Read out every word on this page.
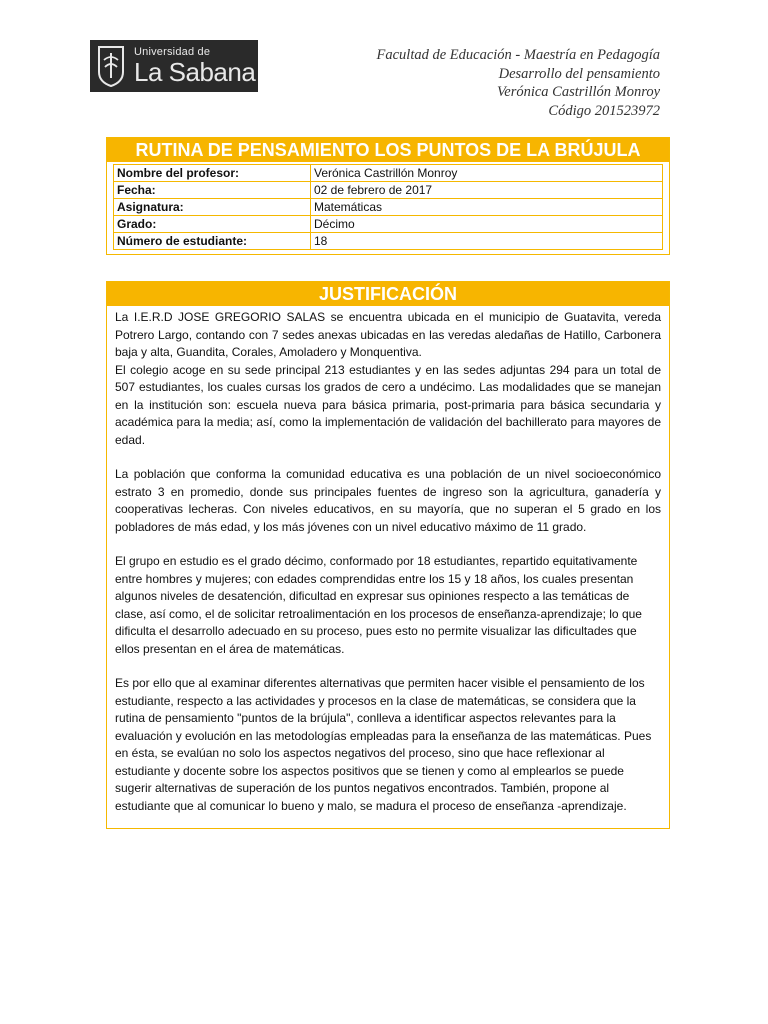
Universidad de
La Sabana
Facultad de Educación - Maestría en Pedagogía
Desarrollo del pensamiento
Verónica Castrillón Monroy
Código 201523972
RUTINA DE PENSAMIENTO LOS PUNTOS DE LA BRÚJULA
Nombre del profesor:	Verónica Castrillón Monroy
Fecha:	02 de febrero de 2017
Asignatura:	Matemáticas
Grado:	Décimo
Número de estudiante:	18
JUSTIFICACIÓN

La I.E.R.D JOSE GREGORIO SALAS se encuentra ubicada en el municipio de Guatavita, vereda Potrero Largo, contando con 7 sedes anexas ubicadas en las veredas aledañas de Hatillo, Carbonera baja y alta, Guandita, Corales, Amoladero y Monquentiva.

El colegio acoge en su sede principal 213 estudiantes y en las sedes adjuntas 294 para un total de 507 estudiantes, los cuales cursas los grados de cero a undécimo. Las modalidades que se manejan en la institución son: escuela nueva para básica primaria, post-primaria para básica secundaria y académica para la media; así, como la implementación de validación del bachillerato para mayores de edad.

La población que conforma la comunidad educativa es una población de un nivel socioeconómico estrato 3 en promedio, donde sus principales fuentes de ingreso son la agricultura, ganadería y cooperativas lecheras. Con niveles educativos, en su mayoría, que no superan el 5 grado en los pobladores de más edad, y los más jóvenes con un nivel educativo máximo de 11 grado.

El grupo en estudio es el grado décimo, conformado por 18 estudiantes, repartido equitativamente entre hombres y mujeres; con edades comprendidas entre los 15 y 18 años, los cuales presentan algunos niveles de desatención, dificultad en expresar sus opiniones respecto a las temáticas de clase, así como, el de solicitar retroalimentación en los procesos de enseñanza-aprendizaje; lo que dificulta el desarrollo adecuado en su proceso, pues esto no permite visualizar las dificultades que ellos presentan en el área de matemáticas.

Es por ello que al examinar diferentes alternativas que permiten hacer visible el pensamiento de los estudiante, respecto a las actividades y procesos en la clase de matemáticas, se considera que la rutina de pensamiento "puntos de la brújula", conlleva a identificar aspectos relevantes para la evaluación y evolución en las metodologías empleadas para la enseñanza de las matemáticas. Pues en ésta, se evalúan no solo los aspectos negativos del proceso, sino que hace reflexionar al estudiante y docente sobre los aspectos positivos que se tienen y como al emplearlos se puede sugerir alternativas de superación de los puntos negativos encontrados. También, propone al estudiante que al comunicar lo bueno y malo, se madura el proceso de enseñanza -aprendizaje.
